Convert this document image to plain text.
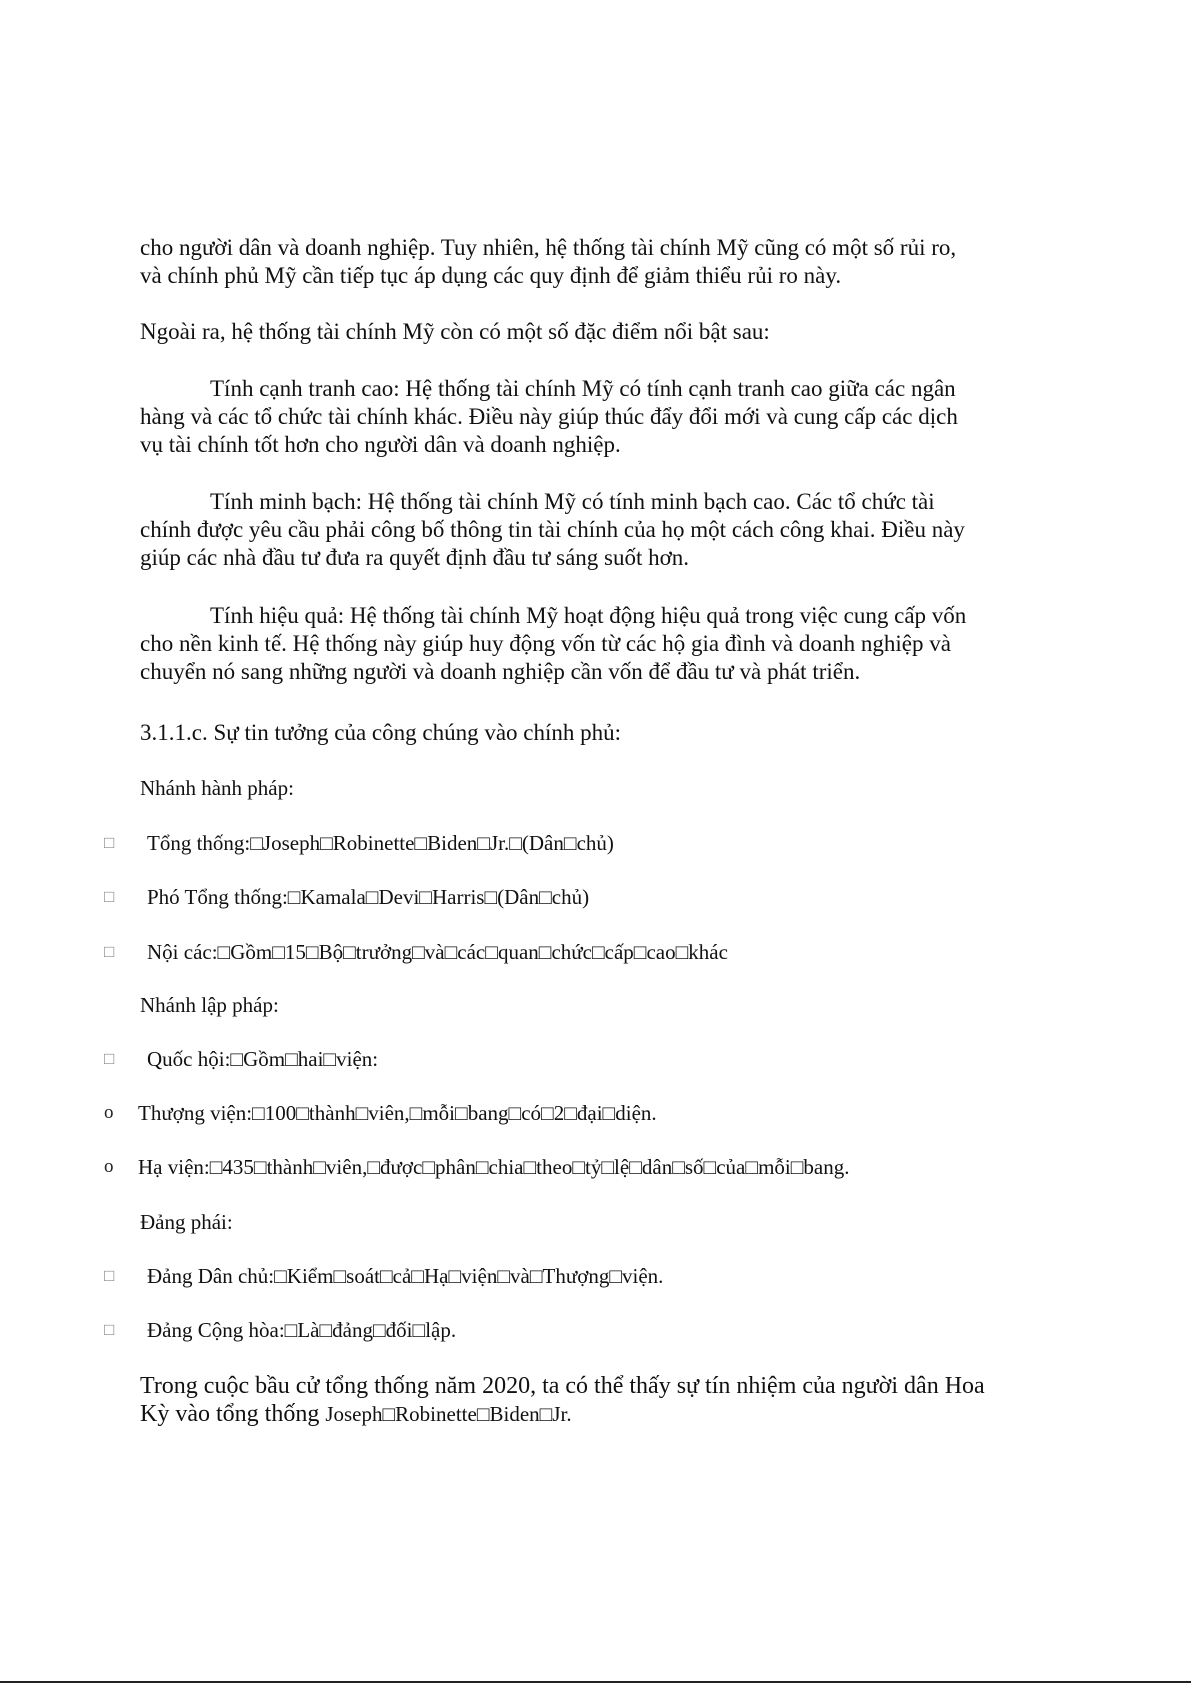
cho người dân và doanh nghiệp. Tuy nhiên, hệ thống tài chính Mỹ cũng có một số rủi ro,
và chính phủ Mỹ cần tiếp tục áp dụng các quy định để giảm thiểu rủi ro này.
Ngoài ra, hệ thống tài chính Mỹ còn có một số đặc điểm nổi bật sau:
Tính cạnh tranh cao: Hệ thống tài chính Mỹ có tính cạnh tranh cao giữa các ngân
hàng và các tổ chức tài chính khác. Điều này giúp thúc đẩy đổi mới và cung cấp các dịch
vụ tài chính tốt hơn cho người dân và doanh nghiệp.
Tính minh bạch: Hệ thống tài chính Mỹ có tính minh bạch cao. Các tổ chức tài
chính được yêu cầu phải công bố thông tin tài chính của họ một cách công khai. Điều này
giúp các nhà đầu tư đưa ra quyết định đầu tư sáng suốt hơn.
Tính hiệu quả: Hệ thống tài chính Mỹ hoạt động hiệu quả trong việc cung cấp vốn
cho nền kinh tế. Hệ thống này giúp huy động vốn từ các hộ gia đình và doanh nghiệp và
chuyển nó sang những người và doanh nghiệp cần vốn để đầu tư và phát triển.
3.1.1.c. Sự tin tưởng của công chúng vào chính phủ:
Nhánh hành pháp:
□ Tổng thống:□Joseph□Robinette□Biden□Jr.□(Dân□chủ)
□ Phó Tổng thống:□Kamala□Devi□Harris□(Dân□chủ)
□ Nội các:□Gồm□15□Bộ□trưởng□và□các□quan□chức□cấp□cao□khác
Nhánh lập pháp:
□ Quốc hội:□Gồm□hai□viện:
o Thượng viện:□100□thành□viên,□mỗi□bang□có□2□đại□diện.
o Hạ viện:□435□thành□viên,□được□phân□chia□theo□tỷ□lệ□dân□số□của□mỗi□bang.
Đảng phái:
□ Đảng Dân chủ:□Kiểm□soát□cả□Hạ□viện□và□Thượng□viện.
□ Đảng Cộng hòa:□Là□đảng□đối□lập.
Trong cuộc bầu cử tổng thống năm 2020, ta có thể thấy sự tín nhiệm của người dân Hoa
Kỳ vào tổng thống Joseph□Robinette□Biden□Jr.
